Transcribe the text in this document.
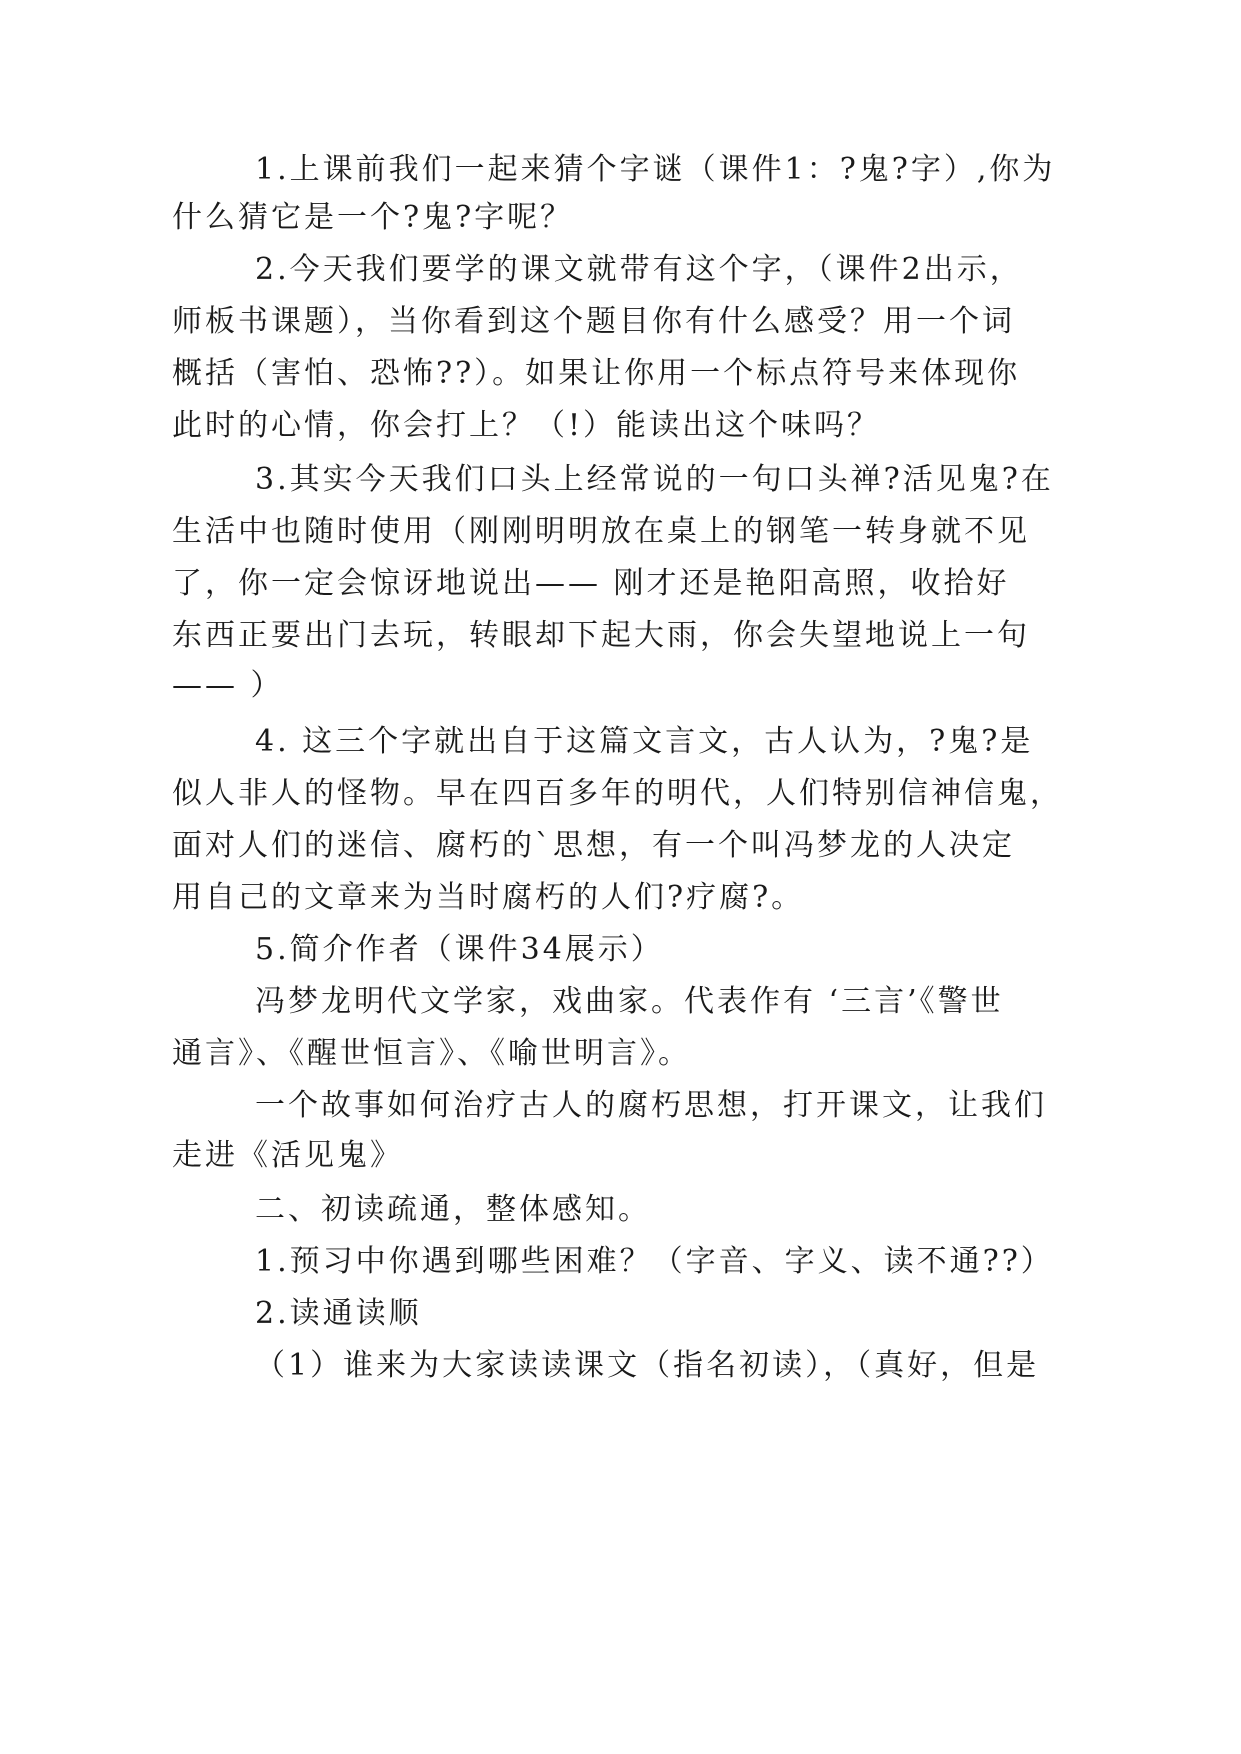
1.上课前我们一起来猜个字谜（课件1：?鬼?字）,你为
什么猜它是一个?鬼?字呢？
2.今天我们要学的课文就带有这个字，（课件2出示，
师板书课题），当你看到这个题目你有什么感受？用一个词
概括（害怕、恐怖??）。如果让你用一个标点符号来体现你
此时的心情，你会打上？（!）能读出这个味吗？
3.其实今天我们口头上经常说的一句口头禅?活见鬼?在
生活中也随时使用（刚刚明明放在桌上的钢笔一转身就不见
了，你一定会惊讶地说出—— 刚才还是艳阳高照，收拾好
东西正要出门去玩，转眼却下起大雨，你会失望地说上一句
—— ）
4. 这三个字就出自于这篇文言文，古人认为，?鬼?是
似人非人的怪物。早在四百多年的明代，人们特别信神信鬼，
面对人们的迷信、腐朽的`思想，有一个叫冯梦龙的人决定
用自己的文章来为当时腐朽的人们?疗腐?。
5.简介作者（课件34展示）
冯梦龙明代文学家，戏曲家。代表作有 ‘三言’《警世
通言》、《醒世恒言》、《喻世明言》。
一个故事如何治疗古人的腐朽思想，打开课文，让我们
走进《活见鬼》
二、初读疏通，整体感知。
1.预习中你遇到哪些困难？（字音、字义、读不通??）
2.读通读顺
（1）谁来为大家读读课文（指名初读），（真好，但是
